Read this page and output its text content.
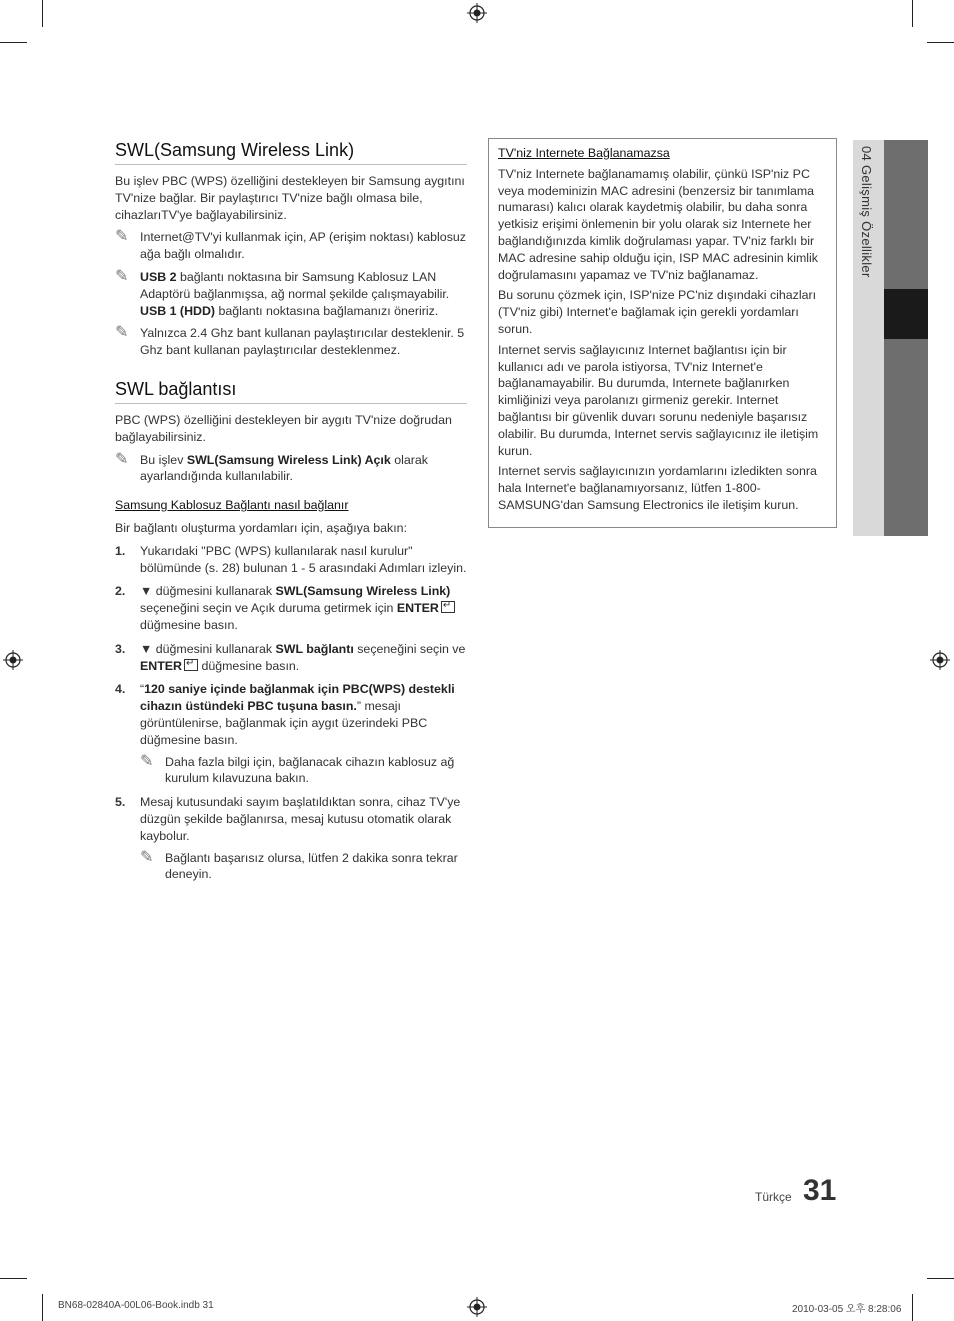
SWL(Samsung Wireless Link)
Bu işlev PBC (WPS) özelliğini destekleyen bir Samsung aygıtını TV'nize bağlar. Bir paylaştırıcı TV'nize bağlı olmasa bile, cihazlarıTV'ye bağlayabilirsiniz.
✎ Internet@TV'yi kullanmak için, AP (erişim noktası) kablosuz ağa bağlı olmalıdır.
✎ USB 2 bağlantı noktasına bir Samsung Kablosuz LAN Adaptörü bağlanmışsa, ağ normal şekilde çalışmayabilir. USB 1 (HDD) bağlantı noktasına bağlamanızı öneririz.
✎ Yalnızca 2.4 Ghz bant kullanan paylaştırıcılar desteklenir. 5 Ghz bant kullanan paylaştırıcılar desteklenmez.
SWL bağlantısı
PBC (WPS) özelliğini destekleyen bir aygıtı TV'nize doğrudan bağlayabilirsiniz.
✎ Bu işlev SWL(Samsung Wireless Link) Açık olarak ayarlandığında kullanılabilir.
Samsung Kablosuz Bağlantı nasıl bağlanır
Bir bağlantı oluşturma yordamları için, aşağıya bakın:
1. Yukarıdaki "PBC (WPS) kullanılarak nasıl kurulur" bölümünde (s. 28) bulunan 1 - 5 arasındaki Adımları izleyin.
2. ▼ düğmesini kullanarak SWL(Samsung Wireless Link) seçeneğini seçin ve Açık duruma getirmek için ENTER↵ düğmesine basın.
3. ▼ düğmesini kullanarak SWL bağlantı seçeneğini seçin ve ENTER↵ düğmesine basın.
4. “120 saniye içinde bağlanmak için PBC(WPS) destekli cihazın üstündeki PBC tuşuna basın.” mesajı görüntülenirse, bağlanmak için aygıt üzerindeki PBC düğmesine basın.
✎ Daha fazla bilgi için, bağlanacak cihazın kablosuz ağ kurulum kılavuzuna bakın.
5. Mesaj kutusundaki sayım başlatıldıktan sonra, cihaz TV'ye düzgün şekilde bağlanırsa, mesaj kutusu otomatik olarak kaybolur.
✎ Bağlantı başarısız olursa, lütfen 2 dakika sonra tekrar deneyin.
TV'niz Internete Bağlanamazsa

TV'niz Internete bağlanamamış olabilir, çünkü ISP'niz PC veya modeminizin MAC adresini (benzersiz bir tanımlama numarası) kalıcı olarak kaydetmiş olabilir, bu daha sonra yetkisiz erişimi önlemenin bir yolu olarak siz Internete her bağlandığınızda kimlik doğrulaması yapar. TV'niz farklı bir MAC adresine sahip olduğu için, ISP MAC adresinin kimlik doğrulamasını yapamaz ve TV'niz bağlanamaz.

Bu sorunu çözmek için, ISP'nize PC'niz dışındaki cihazları (TV'niz gibi) Internet'e bağlamak için gerekli yordamları sorun.

Internet servis sağlayıcınız Internet bağlantısı için bir kullanıcı adı ve parola istiyorsa, TV'niz Internet'e bağlanamayabilir. Bu durumda, Internete bağlanırken kimliğinizi veya parolanızı girmeniz gerekir. Internet bağlantısı bir güvenlik duvarı sorunu nedeniyle başarısız olabilir. Bu durumda, Internet servis sağlayıcınız ile iletişim kurun.

Internet servis sağlayıcınızın yordamlarını izledikten sonra hala Internet'e bağlanamıyorsanız, lütfen 1-800-SAMSUNG'dan Samsung Electronics ile iletişim kurun.

04 Gelişmiş Özellikler
Türkçe 31
BN68-02840A-00L06-Book.indb 31	2010-03-05 오후 8:28:06
